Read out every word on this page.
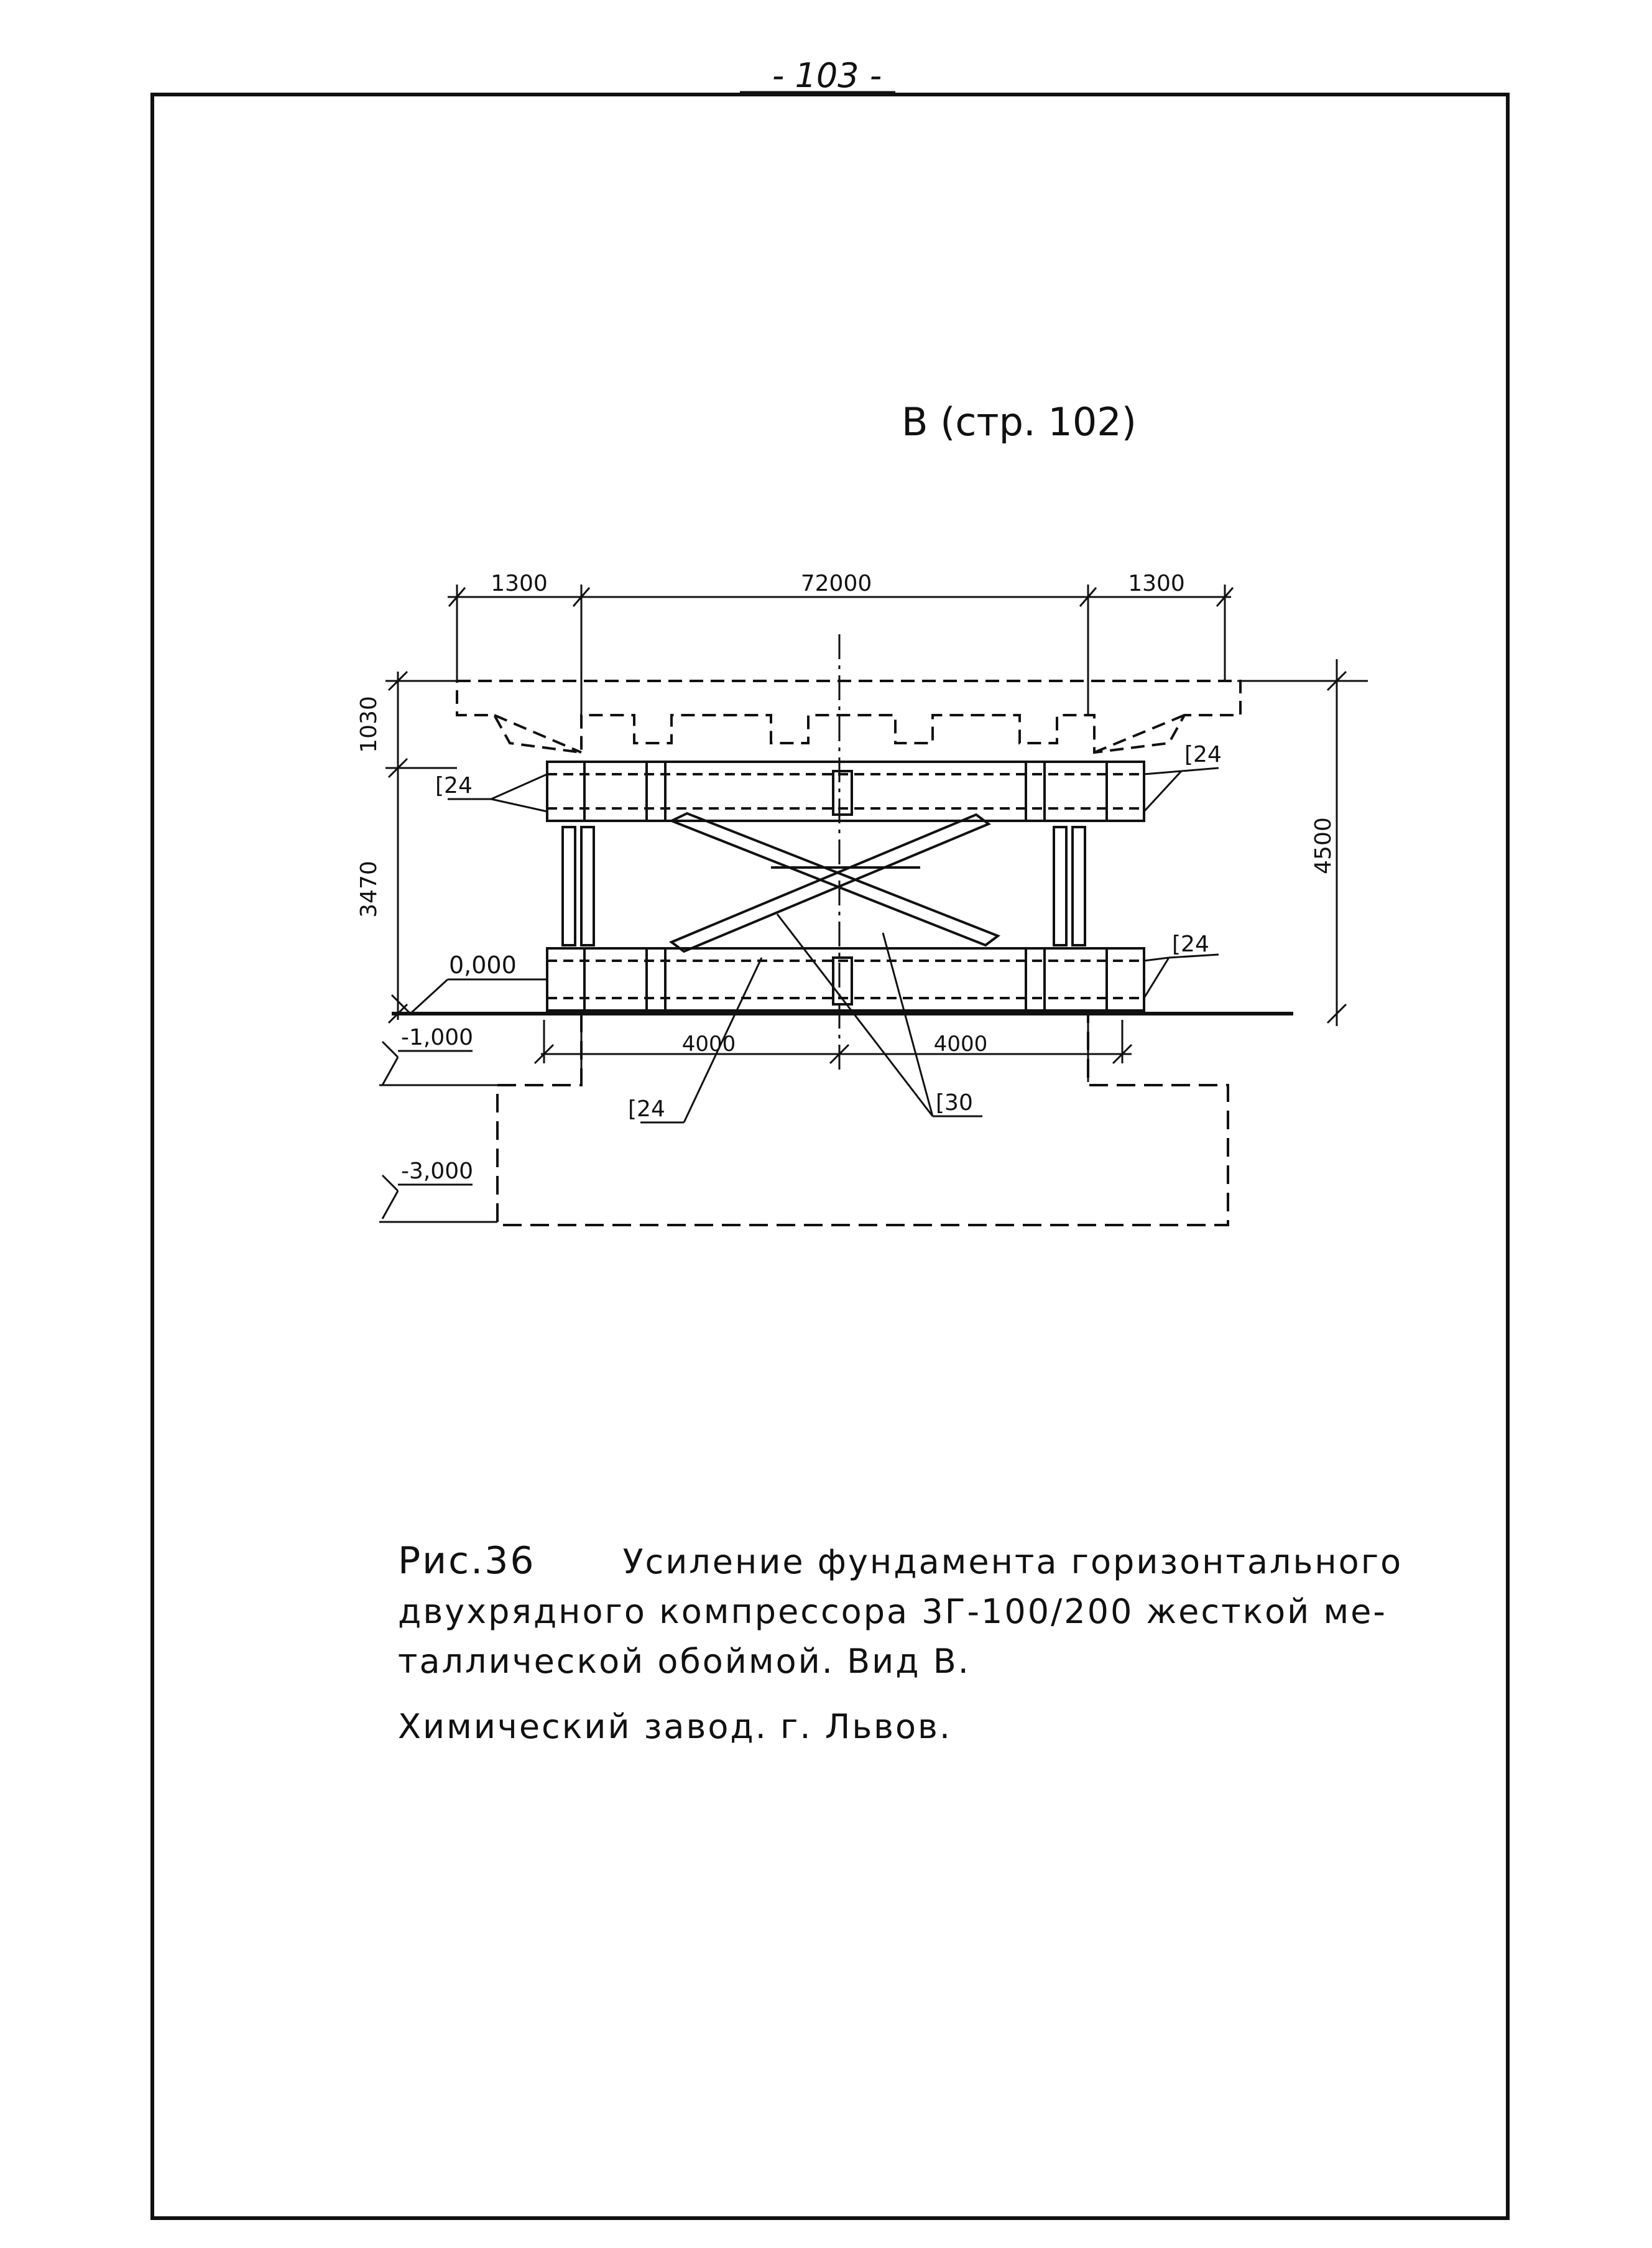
- 103 -
B (стр. 102)
1300	72000	1300
1030
3470
4500
4000	4000
0,000
-1,000
-3,000
[24
[24
[24
[24	[30
Рис.36	Усиление фундамента горизонтального
двухрядного компрессора 3Г-100/200 жесткой ме-
таллической обоймой. Вид В.
Химический завод. г. Львов.
